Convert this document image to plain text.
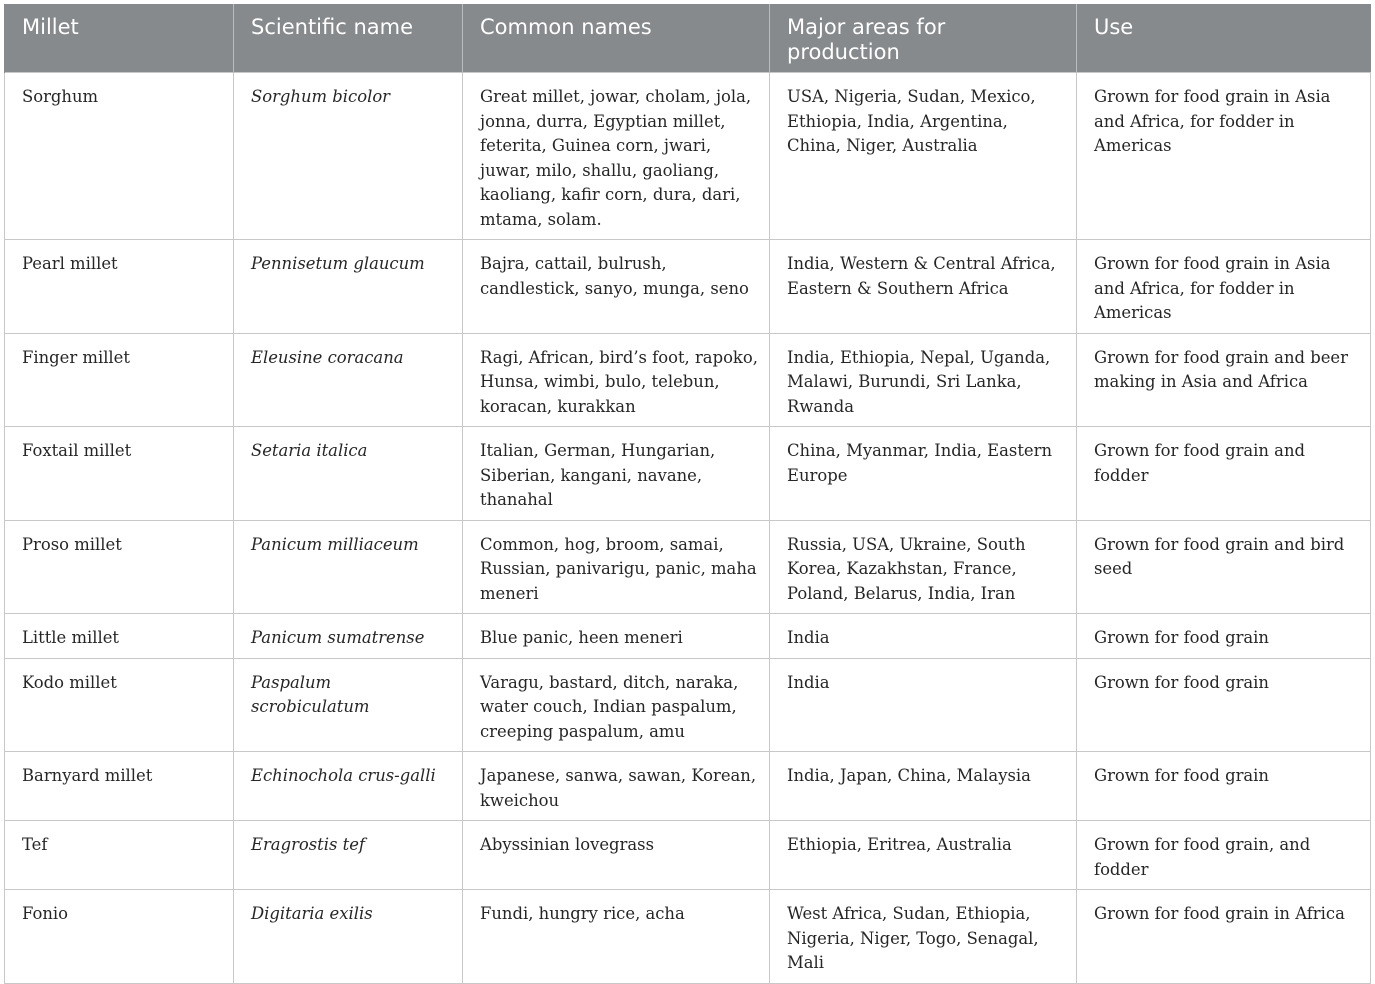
Millet	Scientific name	Common names	Major areas for production	Use
Sorghum	Sorghum bicolor	Great millet, jowar, cholam, jola, jonna, durra, Egyptian millet, feterita, Guinea corn, jwari, juwar, milo, shallu, gaoliang, kaoliang, kafir corn, dura, dari, mtama, solam.	USA, Nigeria, Sudan, Mexico, Ethiopia, India, Argentina, China, Niger, Australia	Grown for food grain in Asia and Africa, for fodder in Americas
Pearl millet	Pennisetum glaucum	Bajra, cattail, bulrush, candlestick, sanyo, munga, seno	India, Western & Central Africa, Eastern & Southern Africa	Grown for food grain in Asia and Africa, for fodder in Americas
Finger millet	Eleusine coracana	Ragi, African, bird’s foot, rapoko, Hunsa, wimbi, bulo, telebun, koracan, kurakkan	India, Ethiopia, Nepal, Uganda, Malawi, Burundi, Sri Lanka, Rwanda	Grown for food grain and beer making in Asia and Africa
Foxtail millet	Setaria italica	Italian, German, Hungarian, Siberian, kangani, navane, thanahal	China, Myanmar, India, Eastern Europe	Grown for food grain and fodder
Proso millet	Panicum milliaceum	Common, hog, broom, samai, Russian, panivarigu, panic, maha meneri	Russia, USA, Ukraine, South Korea, Kazakhstan, France, Poland, Belarus, India, Iran	Grown for food grain and bird seed
Little millet	Panicum sumatrense	Blue panic, heen meneri	India	Grown for food grain
Kodo millet	Paspalum scrobiculatum	Varagu, bastard, ditch, naraka, water couch, Indian paspalum, creeping paspalum, amu	India	Grown for food grain
Barnyard millet	Echinochola crus-galli	Japanese, sanwa, sawan, Korean, kweichou	India, Japan, China, Malaysia	Grown for food grain
Tef	Eragrostis tef	Abyssinian lovegrass	Ethiopia, Eritrea, Australia	Grown for food grain, and fodder
Fonio	Digitaria exilis	Fundi, hungry rice, acha	West Africa, Sudan, Ethiopia, Nigeria, Niger, Togo, Senagal, Mali	Grown for food grain in Africa
